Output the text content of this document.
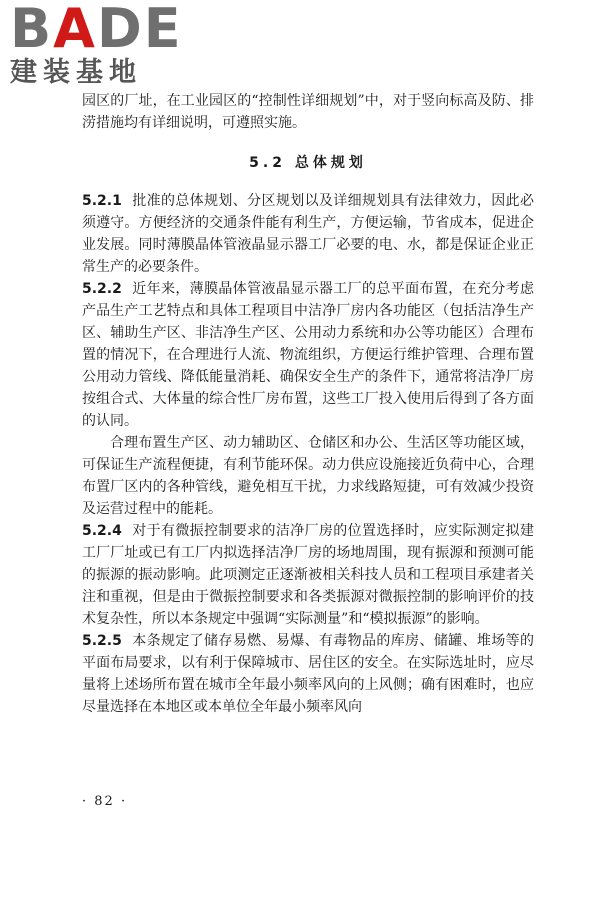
BADE
建装基地

园区的厂址，在工业园区的“控制性详细规划”中，对于竖向标高及防、排涝措施均有详细说明，可遵照实施。

5.2 总体规划

5.2.1 批准的总体规划、分区规划以及详细规划具有法律效力，因此必须遵守。方便经济的交通条件能有利生产，方便运输，节省成本，促进企业发展。同时薄膜晶体管液晶显示器工厂必要的电、水，都是保证企业正常生产的必要条件。

5.2.2 近年来，薄膜晶体管液晶显示器工厂的总平面布置，在充分考虑产品生产工艺特点和具体工程项目中洁净厂房内各功能区（包括洁净生产区、辅助生产区、非洁净生产区、公用动力系统和办公等功能区）合理布置的情况下，在合理进行人流、物流组织，方便运行维护管理、合理布置公用动力管线、降低能量消耗、确保安全生产的条件下，通常将洁净厂房按组合式、大体量的综合性厂房布置，这些工厂投入使用后得到了各方面的认同。

合理布置生产区、动力辅助区、仓储区和办公、生活区等功能区域，可保证生产流程便捷，有利节能环保。动力供应设施接近负荷中心，合理布置厂区内的各种管线，避免相互干扰，力求线路短捷，可有效减少投资及运营过程中的能耗。

5.2.4 对于有微振控制要求的洁净厂房的位置选择时，应实际测定拟建工厂厂址或已有工厂内拟选择洁净厂房的场地周围，现有振源和预测可能的振源的振动影响。此项测定正逐渐被相关科技人员和工程项目承建者关注和重视，但是由于微振控制要求和各类振源对微振控制的影响评价的技术复杂性，所以本条规定中强调“实际测量”和“模拟振源”的影响。

5.2.5 本条规定了储存易燃、易爆、有毒物品的库房、储罐、堆场等的平面布局要求，以有利于保障城市、居住区的安全。在实际选址时，应尽量将上述场所布置在城市全年最小频率风向的上风侧；确有困难时，也应尽量选择在本地区或本单位全年最小频率风向

· 82 ·
